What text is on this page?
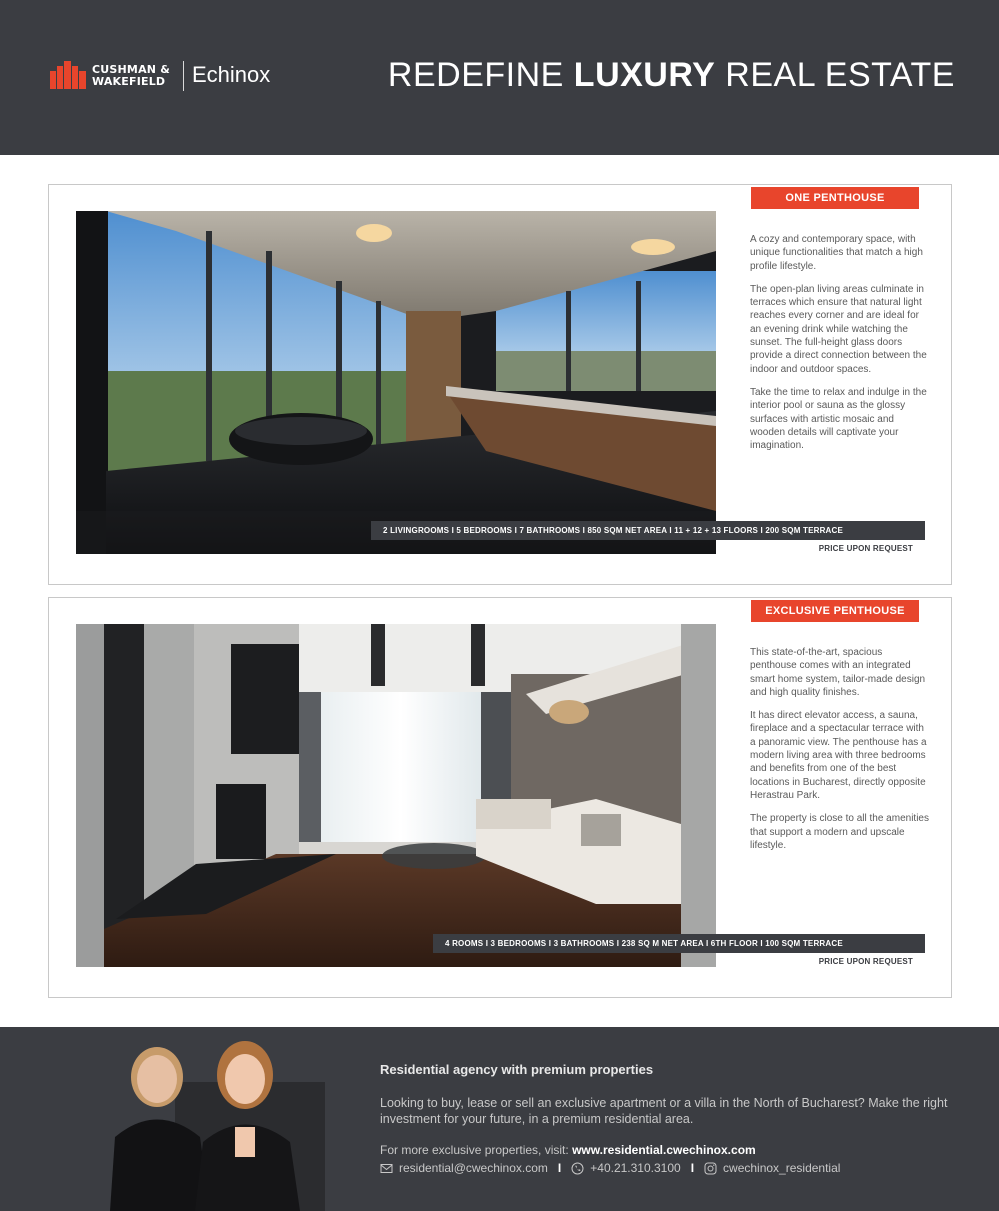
CUSHMAN &
WAKEFIELD Echinox	REDEFINE LUXURY REAL ESTATE
ONE PENTHOUSE

A cozy and contemporary space, with unique functionalities that match a high profile lifestyle.

The open-plan living areas culminate in terraces which ensure that natural light reaches every corner and are ideal for an evening drink while watching the sunset. The full-height glass doors provide a direct connection between the indoor and outdoor spaces.

Take the time to relax and indulge in the interior pool or sauna as the glossy surfaces with artistic mosaic and wooden details will captivate your imagination.

2 LIVINGROOMS I 5 BEDROOMS I 7 BATHROOMS I 850 SQM NET AREA I 11 + 12 + 13 FLOORS I 200 SQM TERRACE
PRICE UPON REQUEST
EXCLUSIVE PENTHOUSE

This state-of-the-art, spacious penthouse comes with an integrated smart home system, tailor-made design and high quality finishes.

It has direct elevator access, a sauna, fireplace and a spectacular terrace with a panoramic view. The penthouse has a modern living area with three bedrooms and benefits from one of the best locations in Bucharest, directly opposite Herastrau Park.

The property is close to all the amenities that support a modern and upscale lifestyle.

4 ROOMS I 3 BEDROOMS I 3 BATHROOMS I 238 SQ M NET AREA I 6TH FLOOR I 100 SQM TERRACE
PRICE UPON REQUEST
Residential agency with premium properties
Looking to buy, lease or sell an exclusive apartment or a villa in the North of Bucharest? Make the right investment for your future, in a premium residential area.
For more exclusive properties, visit: www.residential.cwechinox.com
residential@cwechinox.com I	+40.21.310.3100 I	cwechinox_residential
